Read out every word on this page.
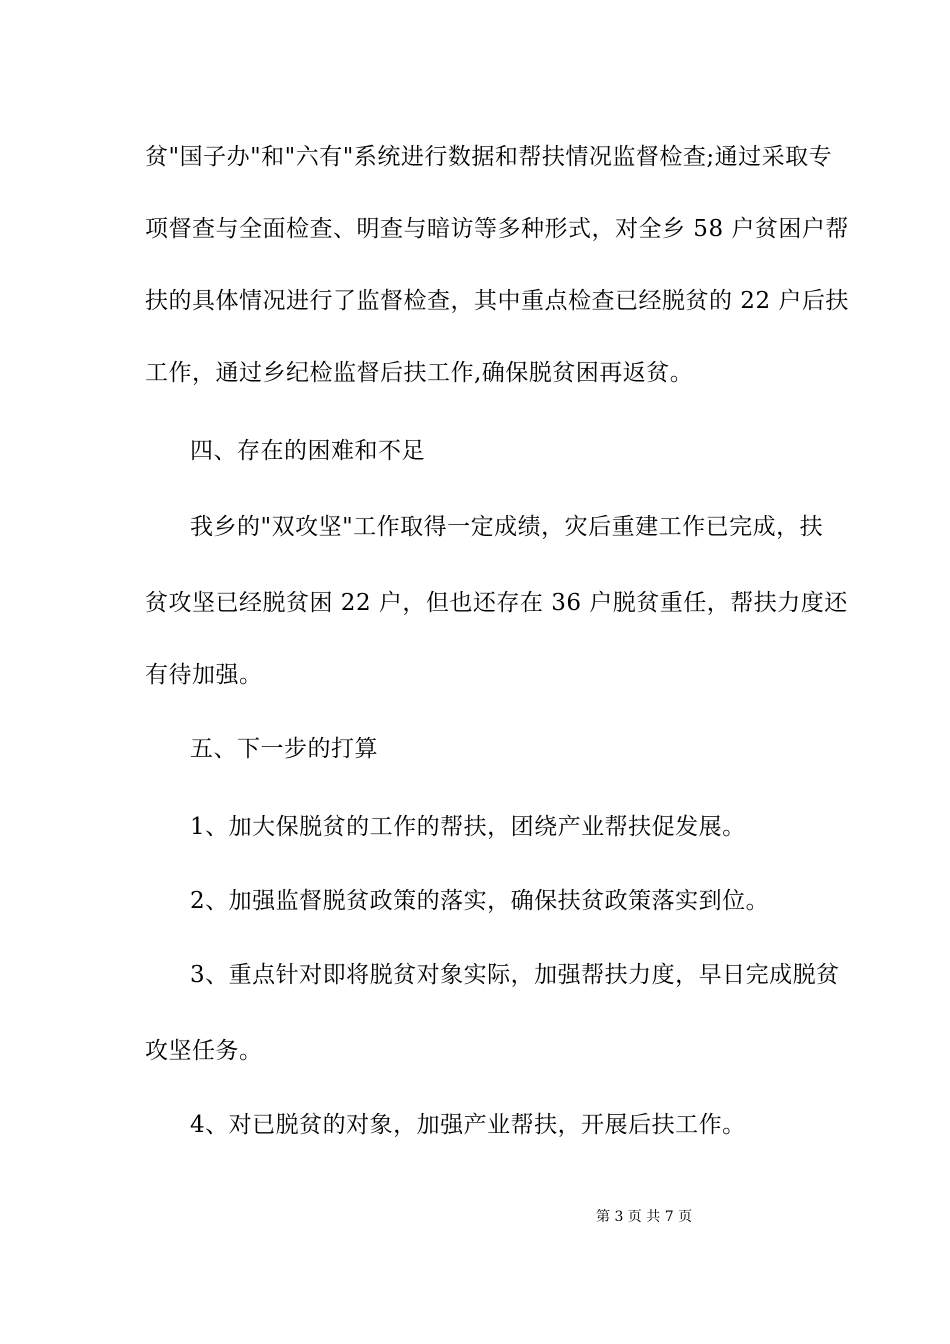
贫"国子办"和"六有"系统进行数据和帮扶情况监督检查;通过采取专
项督查与全面检查、明查与暗访等多种形式，对全乡 58 户贫困户帮
扶的具体情况进行了监督检查，其中重点检查已经脱贫的 22 户后扶
工作，通过乡纪检监督后扶工作,确保脱贫困再返贫。
四、存在的困难和不足
我乡的"双攻坚"工作取得一定成绩，灾后重建工作已完成，扶
贫攻坚已经脱贫困 22 户，但也还存在 36 户脱贫重任，帮扶力度还
有待加强。
五、下一步的打算
1、加大保脱贫的工作的帮扶，团绕产业帮扶促发展。
2、加强监督脱贫政策的落实，确保扶贫政策落实到位。
3、重点针对即将脱贫对象实际，加强帮扶力度，早日完成脱贫
攻坚任务。
4、对已脱贫的对象，加强产业帮扶，开展后扶工作。
第 3 页 共 7 页
